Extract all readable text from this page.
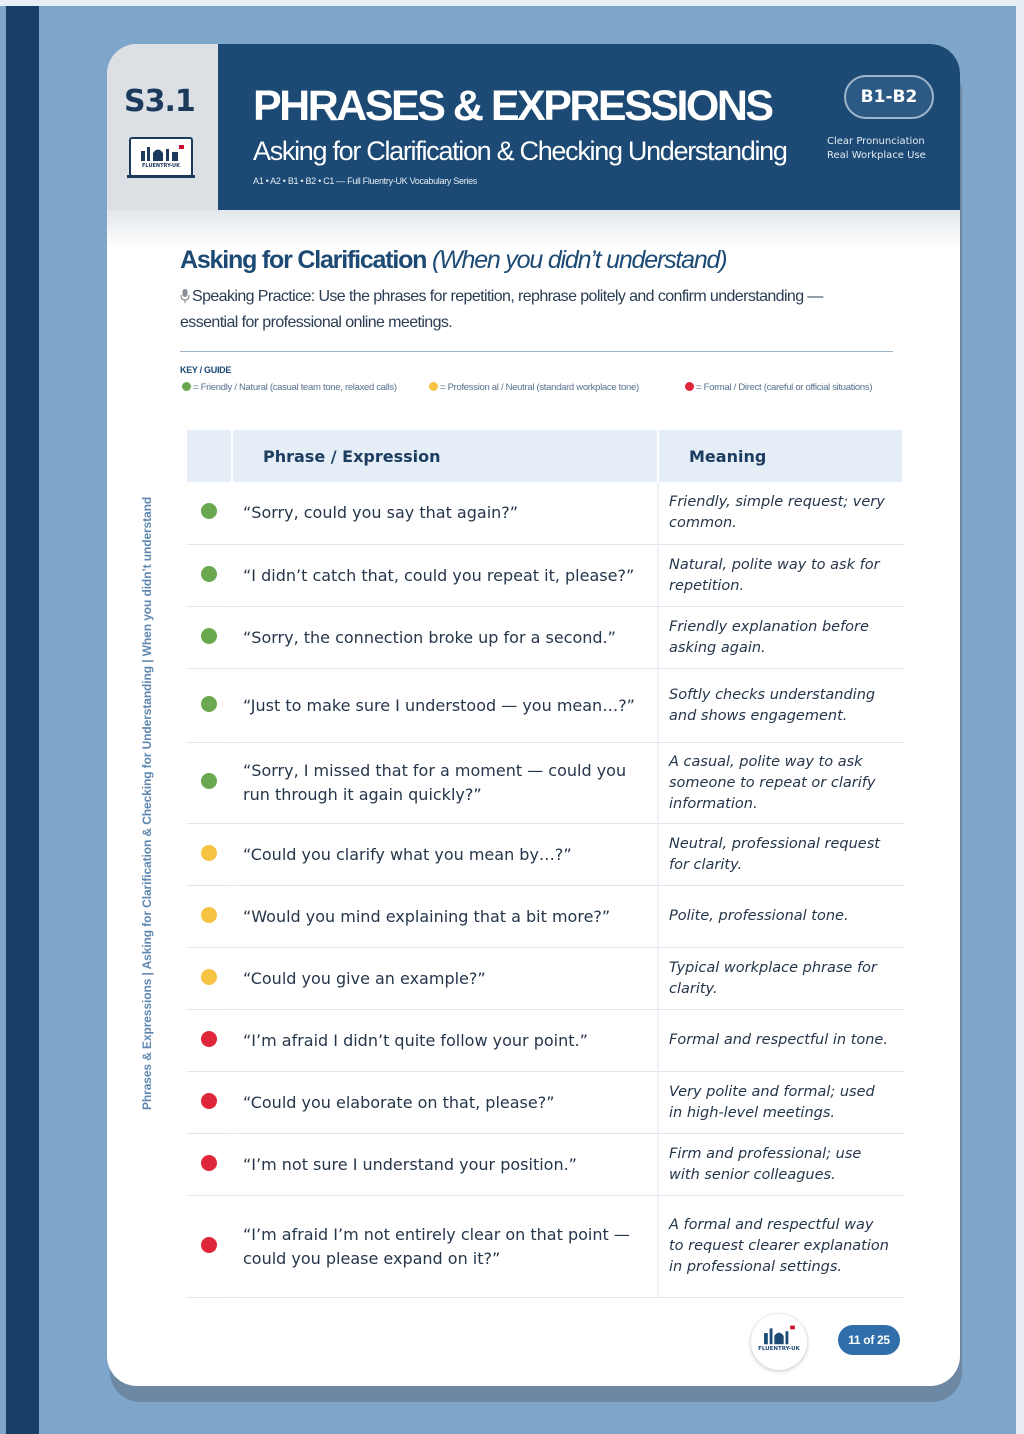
S3.1
FLUENTRY-UK
PHRASES & EXPRESSIONS
Asking for Clarification & Checking Understanding
A1 • A2 • B1 • B2 • C1 — Full Fluentry-UK Vocabulary Series
B1-B2
Clear Pronunciation
Real Workplace Use
Asking for Clarification (When you didn’t understand)
Speaking Practice: Use the phrases for repetition, rephrase politely and confirm understanding — essential for professional online meetings.
KEY / GUIDE
= Friendly / Natural (casual team tone, relaxed calls)	= Profession al / Neutral (standard workplace tone)	= Formal / Direct (careful or official situations)
	Phrase / Expression	Meaning
	“Sorry, could you say that again?”	Friendly, simple request; very common.
	“I didn’t catch that, could you repeat it, please?”	Natural, polite way to ask for repetition.
	“Sorry, the connection broke up for a second.”	Friendly explanation before asking again.
	“Just to make sure I understood — you mean…?”	Softly checks understanding and shows engagement.
	“Sorry, I missed that for a moment — could you run through it again quickly?”	A casual, polite way to ask someone to repeat or clarify information.
	“Could you clarify what you mean by…?”	Neutral, professional request for clarity.
	“Would you mind explaining that a bit more?”	Polite, professional tone.
	“Could you give an example?”	Typical workplace phrase for clarity.
	“I’m afraid I didn’t quite follow your point.”	Formal and respectful in tone.
	“Could you elaborate on that, please?”	Very polite and formal; used in high-level meetings.
	“I’m not sure I understand your position.”	Firm and professional; use with senior colleagues.
	“I’m afraid I’m not entirely clear on that point — could you please expand on it?”	A formal and respectful way to request clearer explanation in professional settings.
FLUENTRY-UK
11 of 25
Phrases & Expressions | Asking for Clarification & Checking for Understanding | When you didn’t understand
